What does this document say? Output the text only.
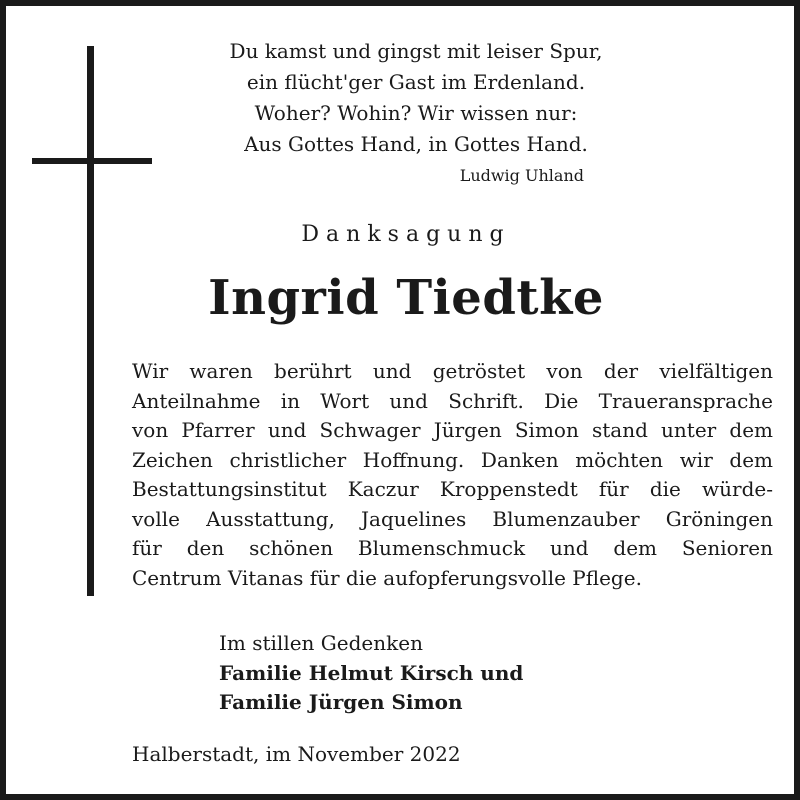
Du kamst und gingst mit leiser Spur,
ein flücht'ger Gast im Erdenland.
Woher? Wohin? Wir wissen nur:
Aus Gottes Hand, in Gottes Hand.
Ludwig Uhland
Danksagung
Ingrid Tiedtke
Wir waren berührt und getröstet von der vielfältigen
Anteilnahme in Wort und Schrift. Die Traueransprache
von Pfarrer und Schwager Jürgen Simon stand unter dem
Zeichen christlicher Hoffnung. Danken möchten wir dem
Bestattungsinstitut Kaczur Kroppenstedt für die würde-
volle Ausstattung, Jaquelines Blumenzauber Gröningen
für den schönen Blumenschmuck und dem Senioren
Centrum Vitanas für die aufopferungsvolle Pflege.
Im stillen Gedenken
Familie Helmut Kirsch und
Familie Jürgen Simon
Halberstadt, im November 2022
